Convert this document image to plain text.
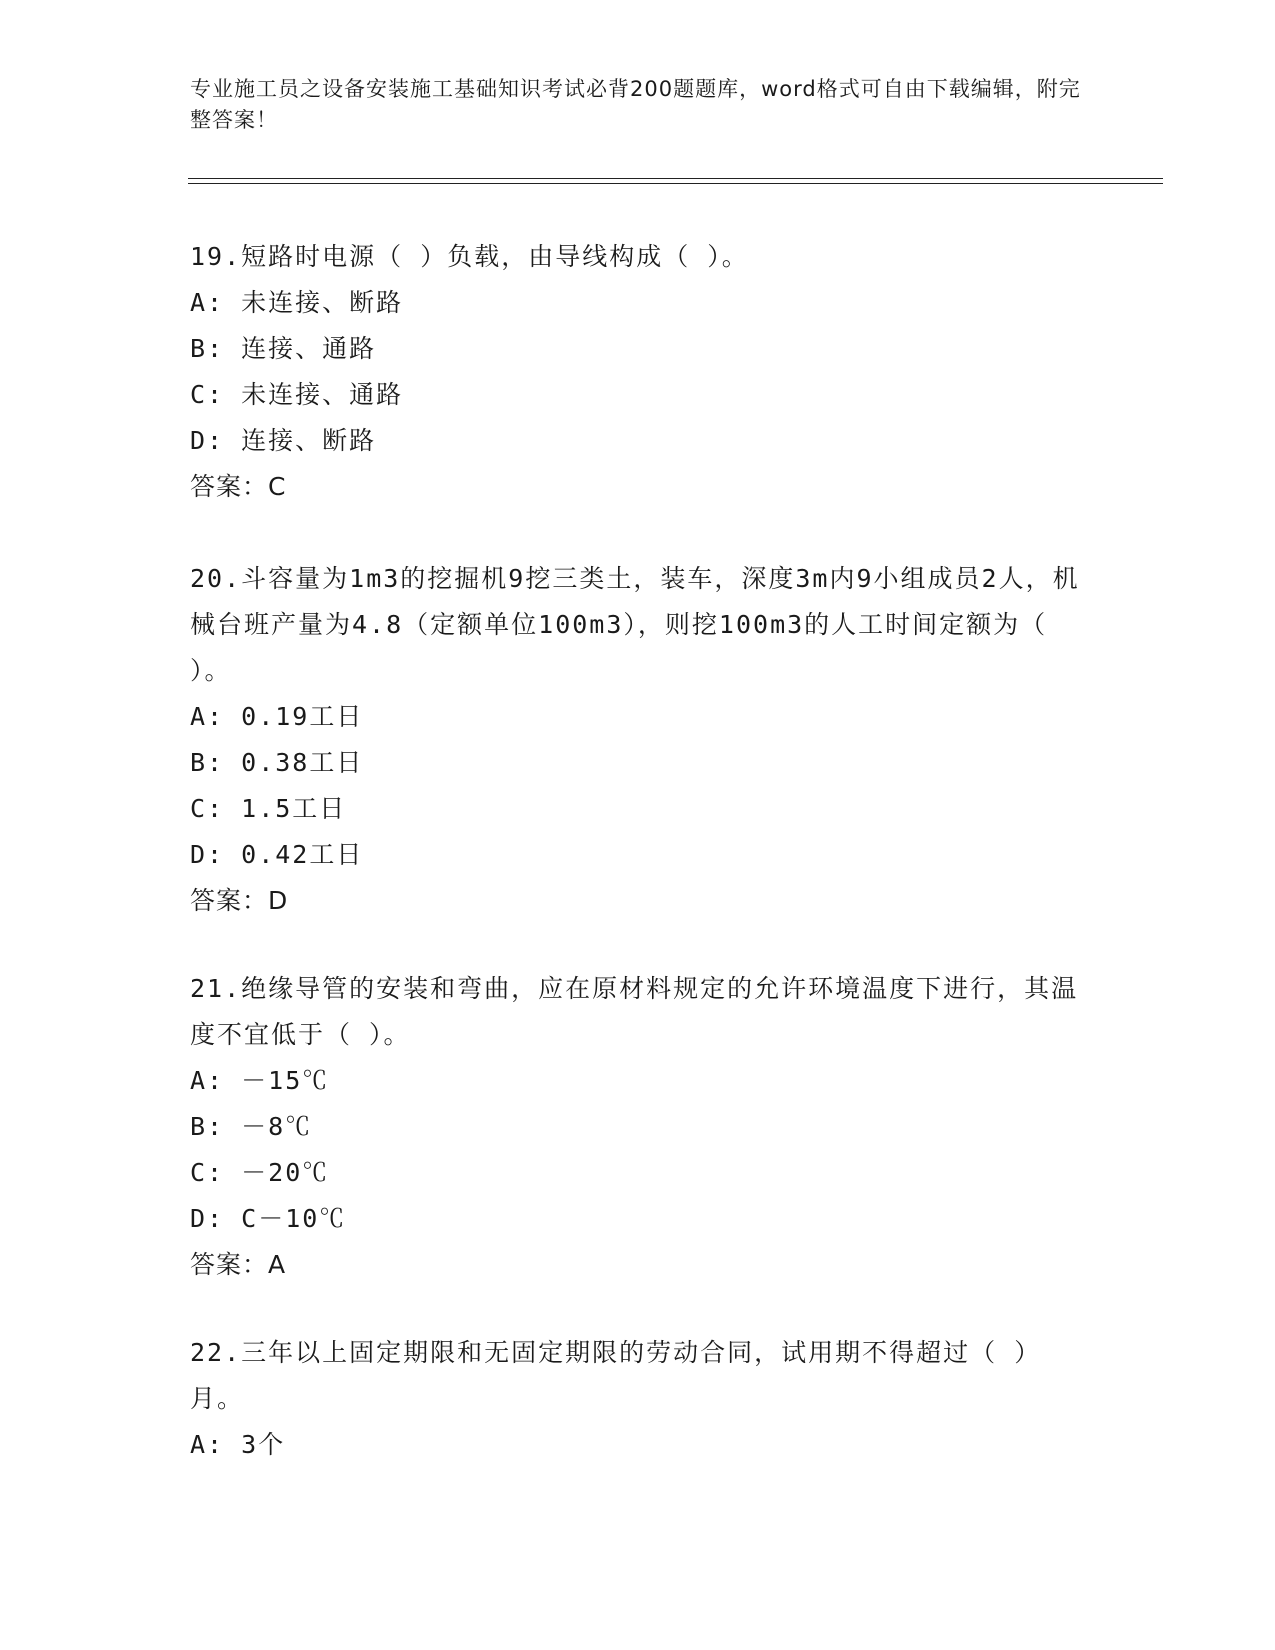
专业施工员之设备安装施工基础知识考试必背200题题库，word格式可自由下载编辑，附完整答案！

19.短路时电源（ ）负载，由导线构成（ ）。

A: 未连接、断路

B: 连接、通路

C: 未连接、通路

D: 连接、断路

答案：C

20.斗容量为1m3的挖掘机9挖三类土，装车，深度3m内9小组成员2人，机械台班产量为4.8（定额单位100m3），则挖100m3的人工时间定额为（ ）。

A: 0.19工日

B: 0.38工日

C: 1.5工日

D: 0.42工日

答案：D

21.绝缘导管的安装和弯曲，应在原材料规定的允许环境温度下进行，其温度不宜低于（ ）。

A: －15℃

B: －8℃

C: －20℃

D: C－10℃

答案：A

22.三年以上固定期限和无固定期限的劳动合同，试用期不得超过（ ）月。

A: 3个
